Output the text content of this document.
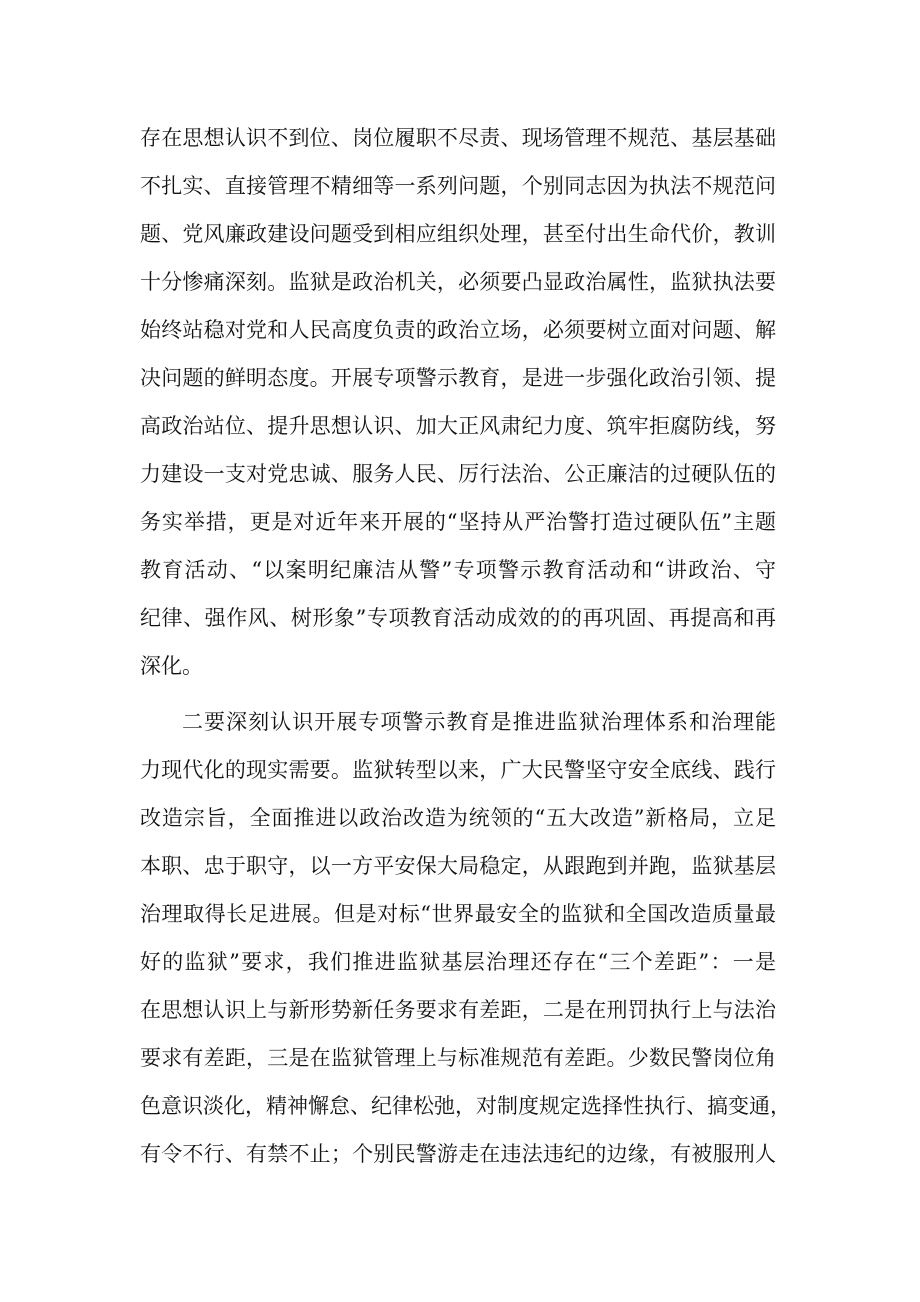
存在思想认识不到位、岗位履职不尽责、现场管理不规范、基层基础
不扎实、直接管理不精细等一系列问题，个别同志因为执法不规范问
题、党风廉政建设问题受到相应组织处理，甚至付出生命代价，教训
十分惨痛深刻。监狱是政治机关，必须要凸显政治属性，监狱执法要
始终站稳对党和人民高度负责的政治立场，必须要树立面对问题、解
决问题的鲜明态度。开展专项警示教育，是进一步强化政治引领、提
高政治站位、提升思想认识、加大正风肃纪力度、筑牢拒腐防线，努
力建设一支对党忠诚、服务人民、厉行法治、公正廉洁的过硬队伍的
务实举措，更是对近年来开展的“坚持从严治警打造过硬队伍”主题
教育活动、“以案明纪廉洁从警”专项警示教育活动和“讲政治、守
纪律、强作风、树形象”专项教育活动成效的的再巩固、再提高和再
深化。
二要深刻认识开展专项警示教育是推进监狱治理体系和治理能
力现代化的现实需要。监狱转型以来，广大民警坚守安全底线、践行
改造宗旨，全面推进以政治改造为统领的“五大改造”新格局，立足
本职、忠于职守，以一方平安保大局稳定，从跟跑到并跑，监狱基层
治理取得长足进展。但是对标“世界最安全的监狱和全国改造质量最
好的监狱”要求，我们推进监狱基层治理还存在“三个差距”：一是
在思想认识上与新形势新任务要求有差距，二是在刑罚执行上与法治
要求有差距，三是在监狱管理上与标准规范有差距。少数民警岗位角
色意识淡化，精神懈怠、纪律松弛，对制度规定选择性执行、搞变通，
有令不行、有禁不止；个别民警游走在违法违纪的边缘，有被服刑人
